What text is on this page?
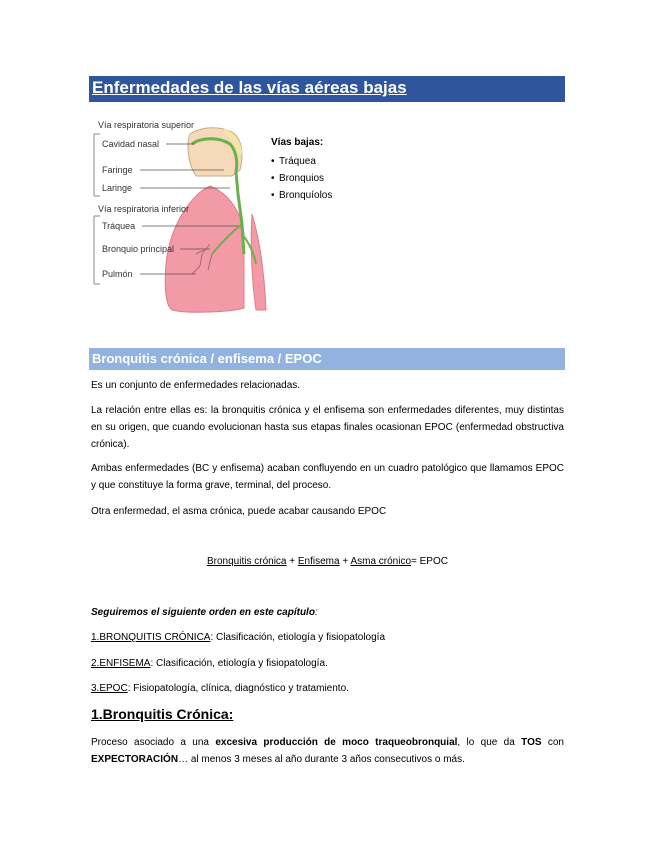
Enfermedades de las vías aéreas bajas
Vía respiratoria superior
Cavidad nasal
Faringe
Laringe
Vía respiratoria inferior
Tráquea
Bronquio principal
Pulmón
Vías bajas:
• Tráquea
• Bronquios
• Bronquíolos
Bronquitis crónica / enfisema / EPOC
Es un conjunto de enfermedades relacionadas.
La relación entre ellas es: la bronquitis crónica y el enfisema son enfermedades diferentes, muy distintas en su origen, que cuando evolucionan hasta sus etapas finales ocasionan EPOC (enfermedad obstructiva crónica).
Ambas enfermedades (BC y enfisema) acaban confluyendo en un cuadro patológico que llamamos EPOC y que constituye la forma grave, terminal, del proceso.
Otra enfermedad, el asma crónica, puede acabar causando EPOC
Bronquitis crónica + Enfisema + Asma crónico= EPOC
Seguiremos el siguiente orden en este capítulo:
1.BRONQUITIS CRÓNICA: Clasificación, etiología y fisiopatología
2.ENFISEMA: Clasificación, etiología y fisiopatología.
3.EPOC: Fisiopatología, clínica, diagnóstico y tratamiento.
1.Bronquitis Crónica:
Proceso asociado a una excesiva producción de moco traqueobronquial, lo que da TOS con EXPECTORACIÓN… al menos 3 meses al año durante 3 años consecutivos o más.
